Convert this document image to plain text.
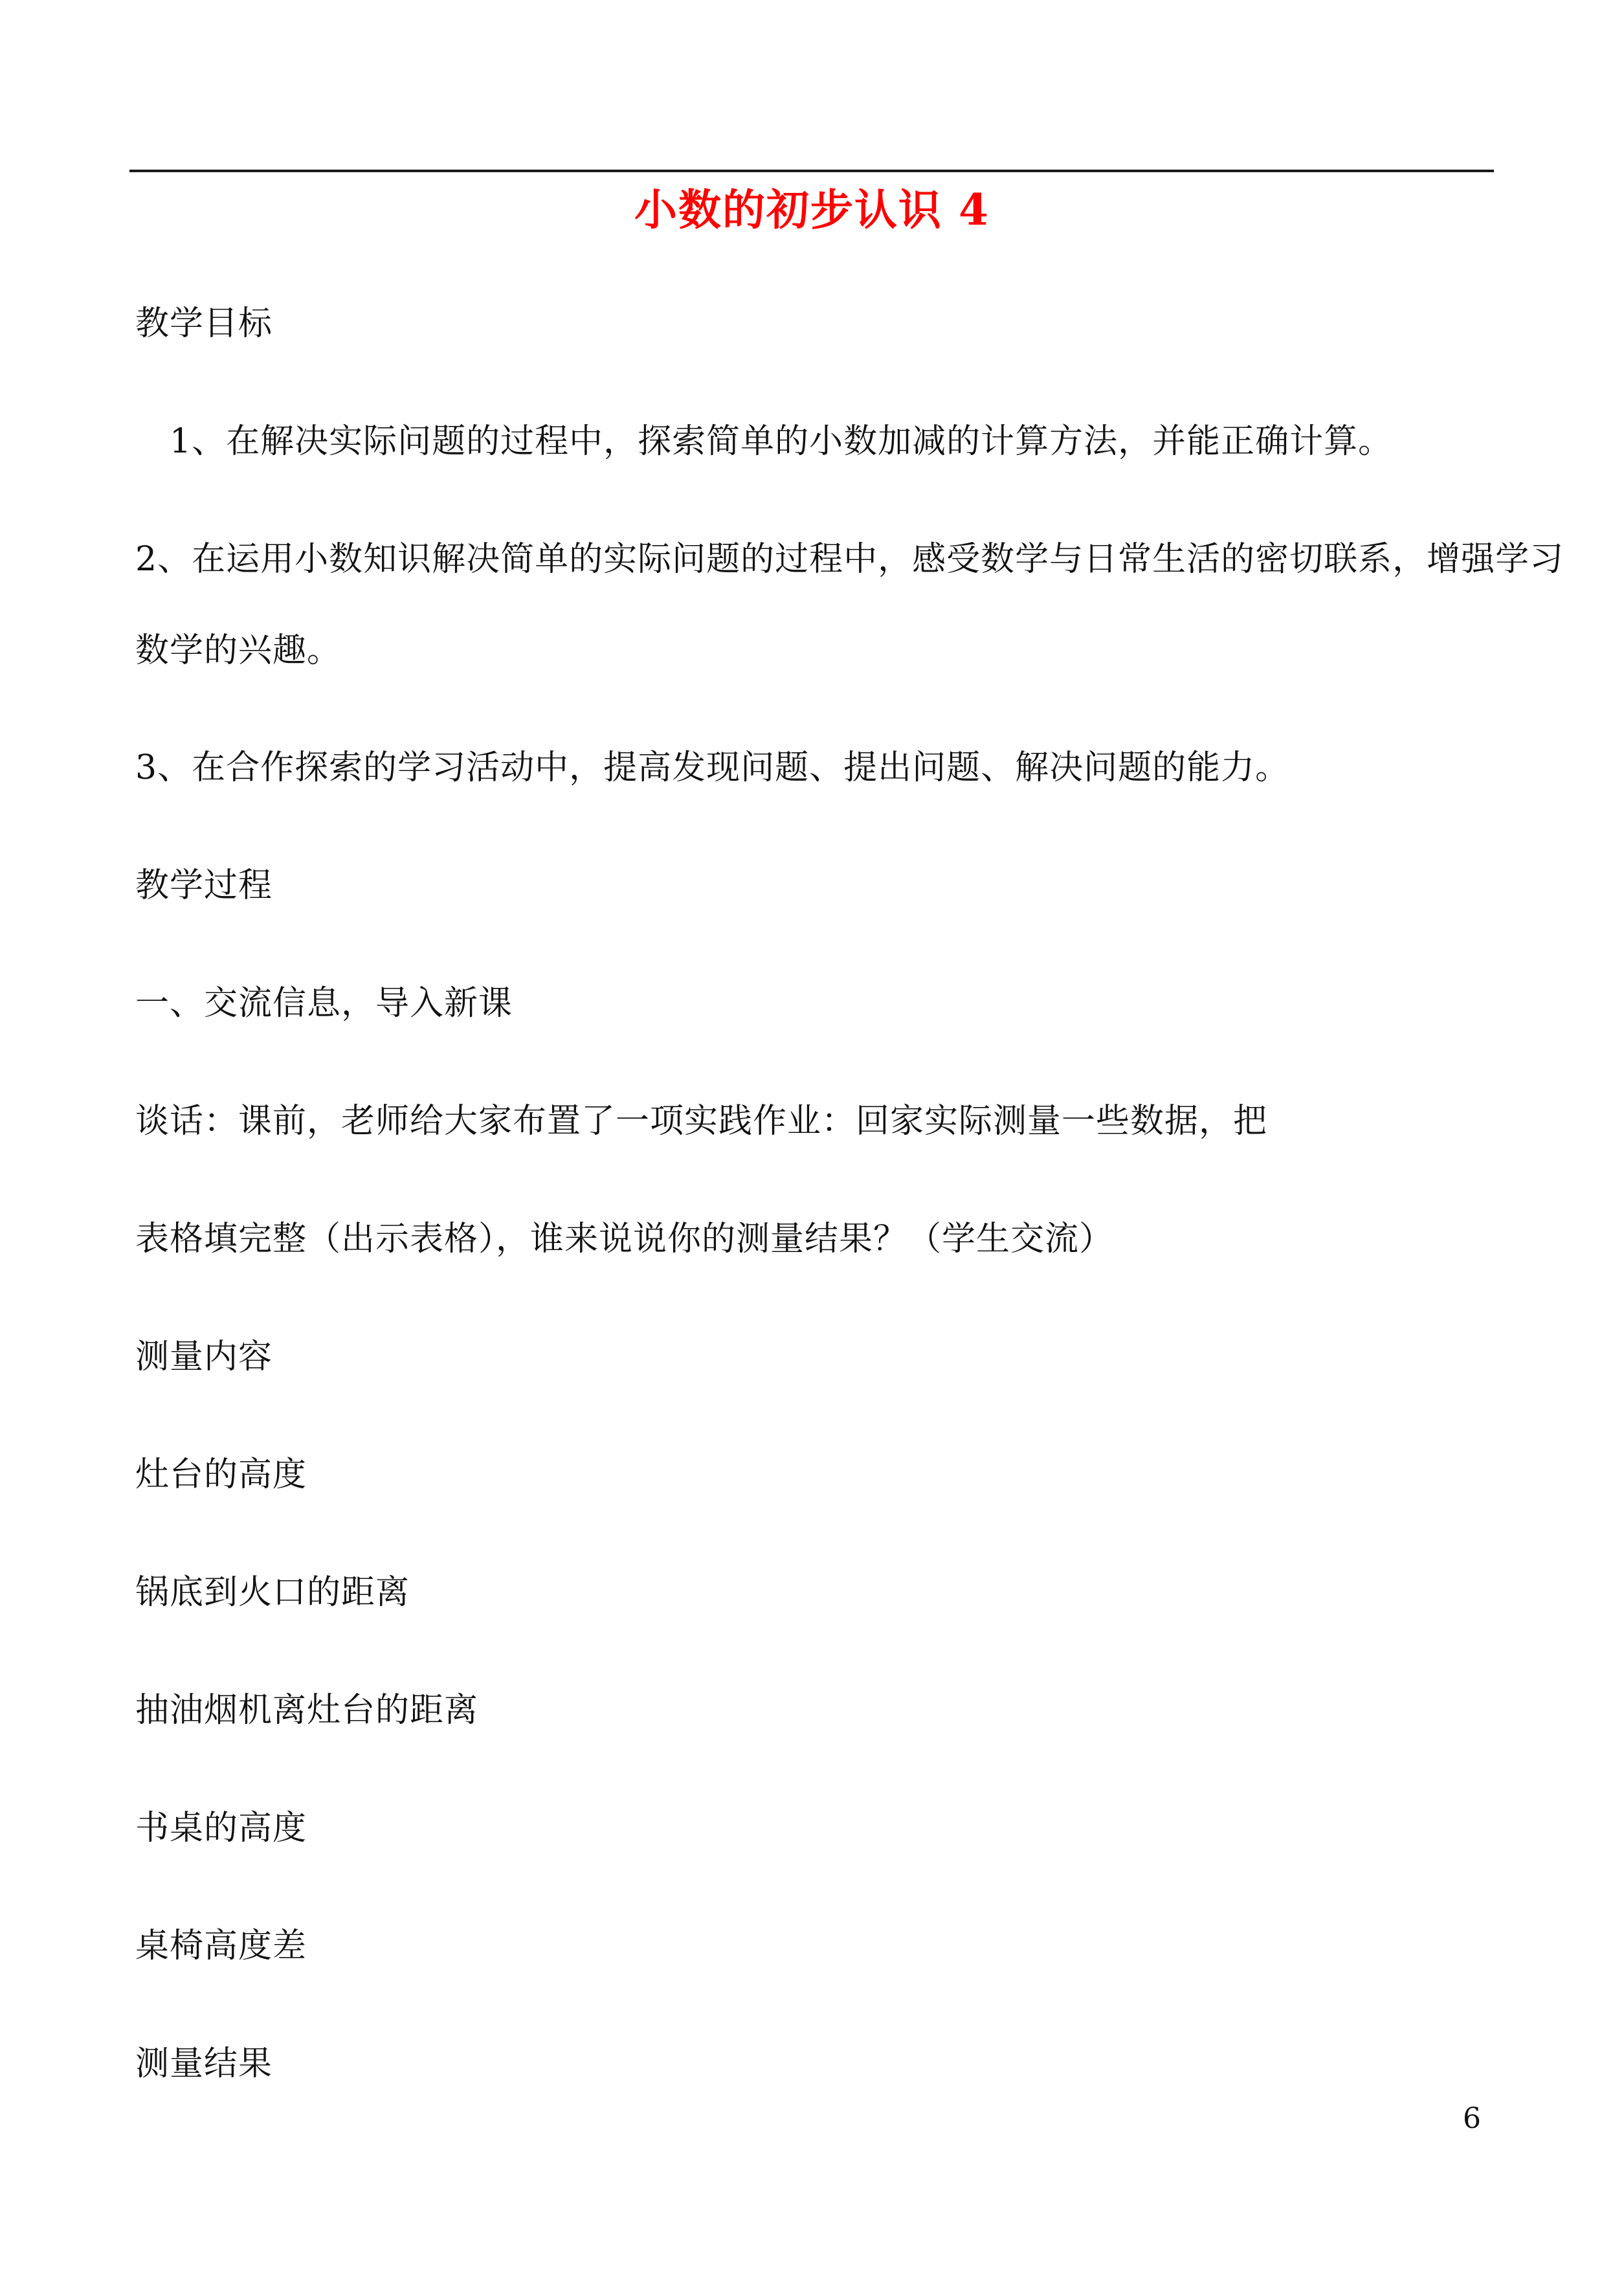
小数的初步认识 4
教学目标
1、在解决实际问题的过程中，探索简单的小数加减的计算方法，并能正确计算。
2、在运用小数知识解决简单的实际问题的过程中，感受数学与日常生活的密切联系，增强学习
数学的兴趣。
3、在合作探索的学习活动中，提高发现问题、提出问题、解决问题的能力。
教学过程
一、交流信息，导入新课
谈话：课前，老师给大家布置了一项实践作业：回家实际测量一些数据，把
表格填完整（出示表格），谁来说说你的测量结果？（学生交流）
测量内容
灶台的高度
锅底到火口的距离
抽油烟机离灶台的距离
书桌的高度
桌椅高度差
测量结果
6
